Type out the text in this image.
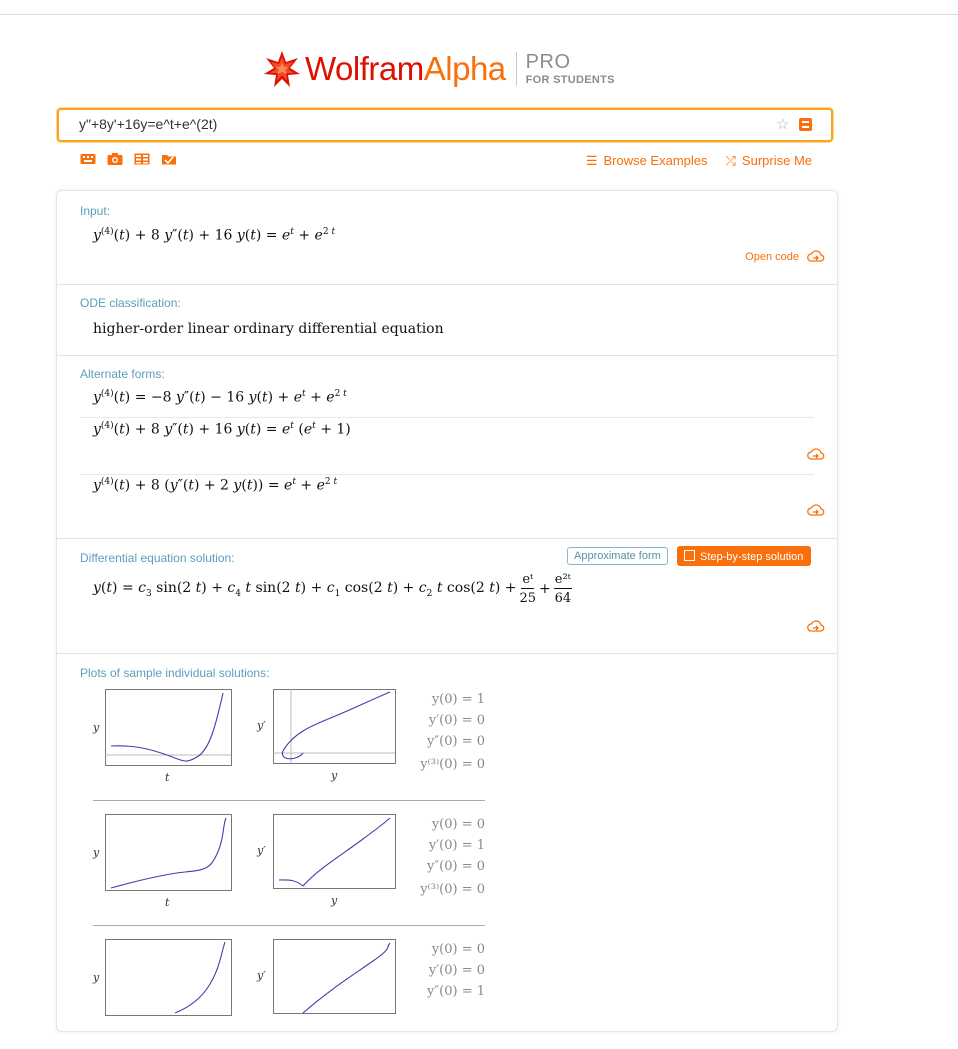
WolframAlpha PRO
FOR STUDENTS
y"+8y'+16y=e^t+e^(2t)
☆
☰ Browse Examples ⤮ Surprise Me
Input:
$y^{(4)}(t) + 8$ y″(t) + 16 $y(t) = e^t + e^{2 t}$
Open code
ODE classification:
higher-order linear ordinary differential equation
Alternate forms:
$y^{(4)}(t) = -8$ y″(t) − 16 $y(t) + e^t + e^{2 t}$
$y^{(4)}(t) + 8$ y″(t) + 16 $y(t) = e^t$ $(e^t + 1)$
$y^{(4)}(t) + 8$ (y″(t) + 2 $y(t)) = e^t + e^{2 t}$
Differential equation solution:
$y(t) = c_3$ sin(2 $t) + c_4$ t sin(2 $t) + c_1$ cos(2 $t) + c_2$ t cos(2 $t) + \frac{\text{eᵗ}}{25} + \frac{\text{e²ᵗ}}{64}$
Approximate form	Step-by-step solution
Plots of sample individual solutions:
y
t
y′
y
y(0) = 1
y′(0) = 0
y″(0) = 0
y⁽³⁾(0) = 0
y
t
y′
y
y(0) = 0
y′(0) = 1
y″(0) = 0
y⁽³⁾(0) = 0
y	y′
y(0) = 0
y′(0) = 0
y″(0) = 1
